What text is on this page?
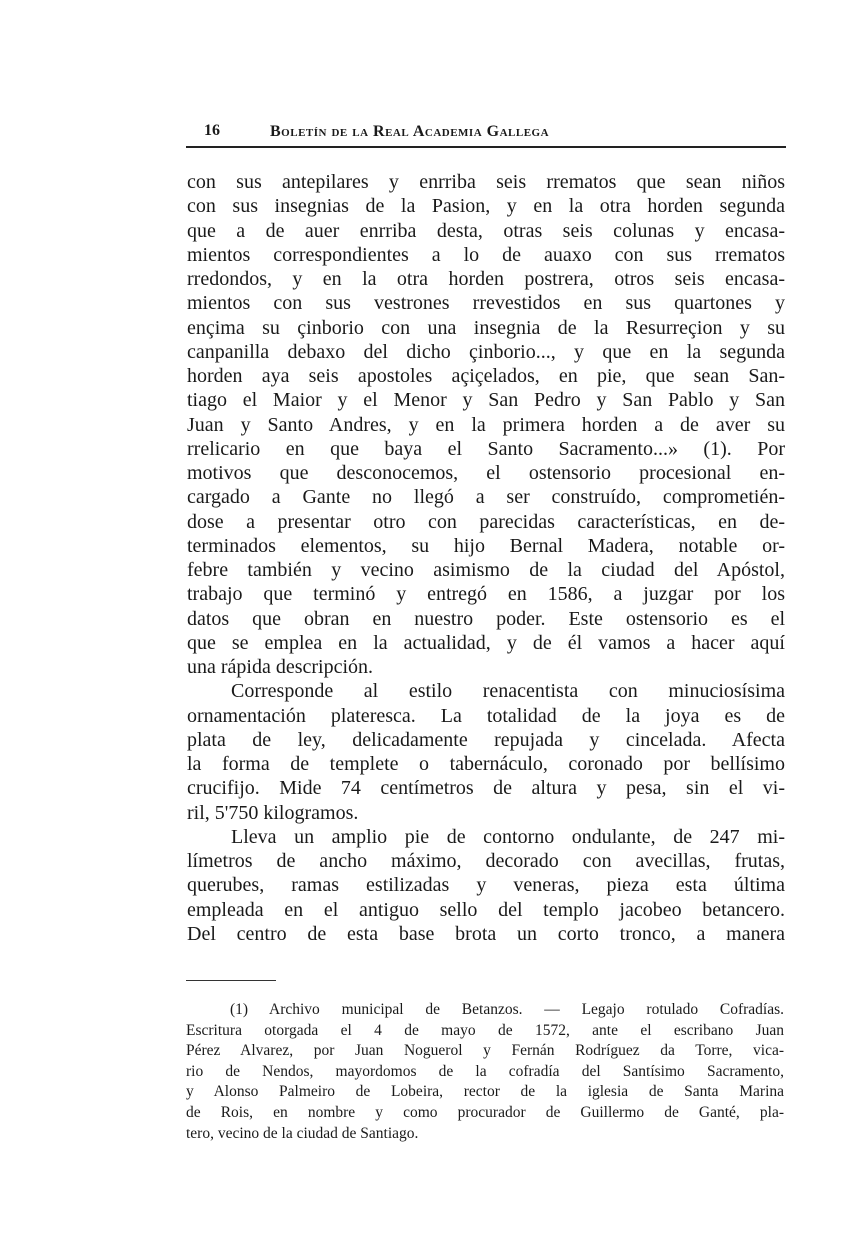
16	Boletín de la Real Academia Gallega
con sus antepilares y enrriba seis rrematos que sean niños
con sus insegnias de la Pasion, y en la otra horden segunda
que a de auer enrriba desta, otras seis colunas y encasa-
mientos correspondientes a lo de auaxo con sus rrematos
rredondos, y en la otra horden postrera, otros seis encasa-
mientos con sus vestrones rrevestidos en sus quartones y
ençima su çinborio con una insegnia de la Resurreçion y su
canpanilla debaxo del dicho çinborio..., y que en la segunda
horden aya seis apostoles açiçelados, en pie, que sean San-
tiago el Maior y el Menor y San Pedro y San Pablo y San
Juan y Santo Andres, y en la primera horden a de aver su
rrelicario en que baya el Santo Sacramento...» (1). Por
motivos que desconocemos, el ostensorio procesional en-
cargado a Gante no llegó a ser construído, comprometién-
dose a presentar otro con parecidas características, en de-
terminados elementos, su hijo Bernal Madera, notable or-
febre también y vecino asimismo de la ciudad del Apóstol,
trabajo que terminó y entregó en 1586, a juzgar por los
datos que obran en nuestro poder. Este ostensorio es el
que se emplea en la actualidad, y de él vamos a hacer aquí
una rápida descripción.
Corresponde al estilo renacentista con minuciosísima
ornamentación plateresca. La totalidad de la joya es de
plata de ley, delicadamente repujada y cincelada. Afecta
la forma de templete o tabernáculo, coronado por bellísimo
crucifijo. Mide 74 centímetros de altura y pesa, sin el vi-
ril, 5'750 kilogramos.
Lleva un amplio pie de contorno ondulante, de 247 mi-
límetros de ancho máximo, decorado con avecillas, frutas,
querubes, ramas estilizadas y veneras, pieza esta última
empleada en el antiguo sello del templo jacobeo betancero.
Del centro de esta base brota un corto tronco, a manera
(1) Archivo municipal de Betanzos. — Legajo rotulado Cofradías.
Escritura otorgada el 4 de mayo de 1572, ante el escribano Juan
Pérez Alvarez, por Juan Noguerol y Fernán Rodríguez da Torre, vica-
rio de Nendos, mayordomos de la cofradía del Santísimo Sacramento,
y Alonso Palmeiro de Lobeira, rector de la iglesia de Santa Marina
de Rois, en nombre y como procurador de Guillermo de Ganté, pla-
tero, vecino de la ciudad de Santiago.
